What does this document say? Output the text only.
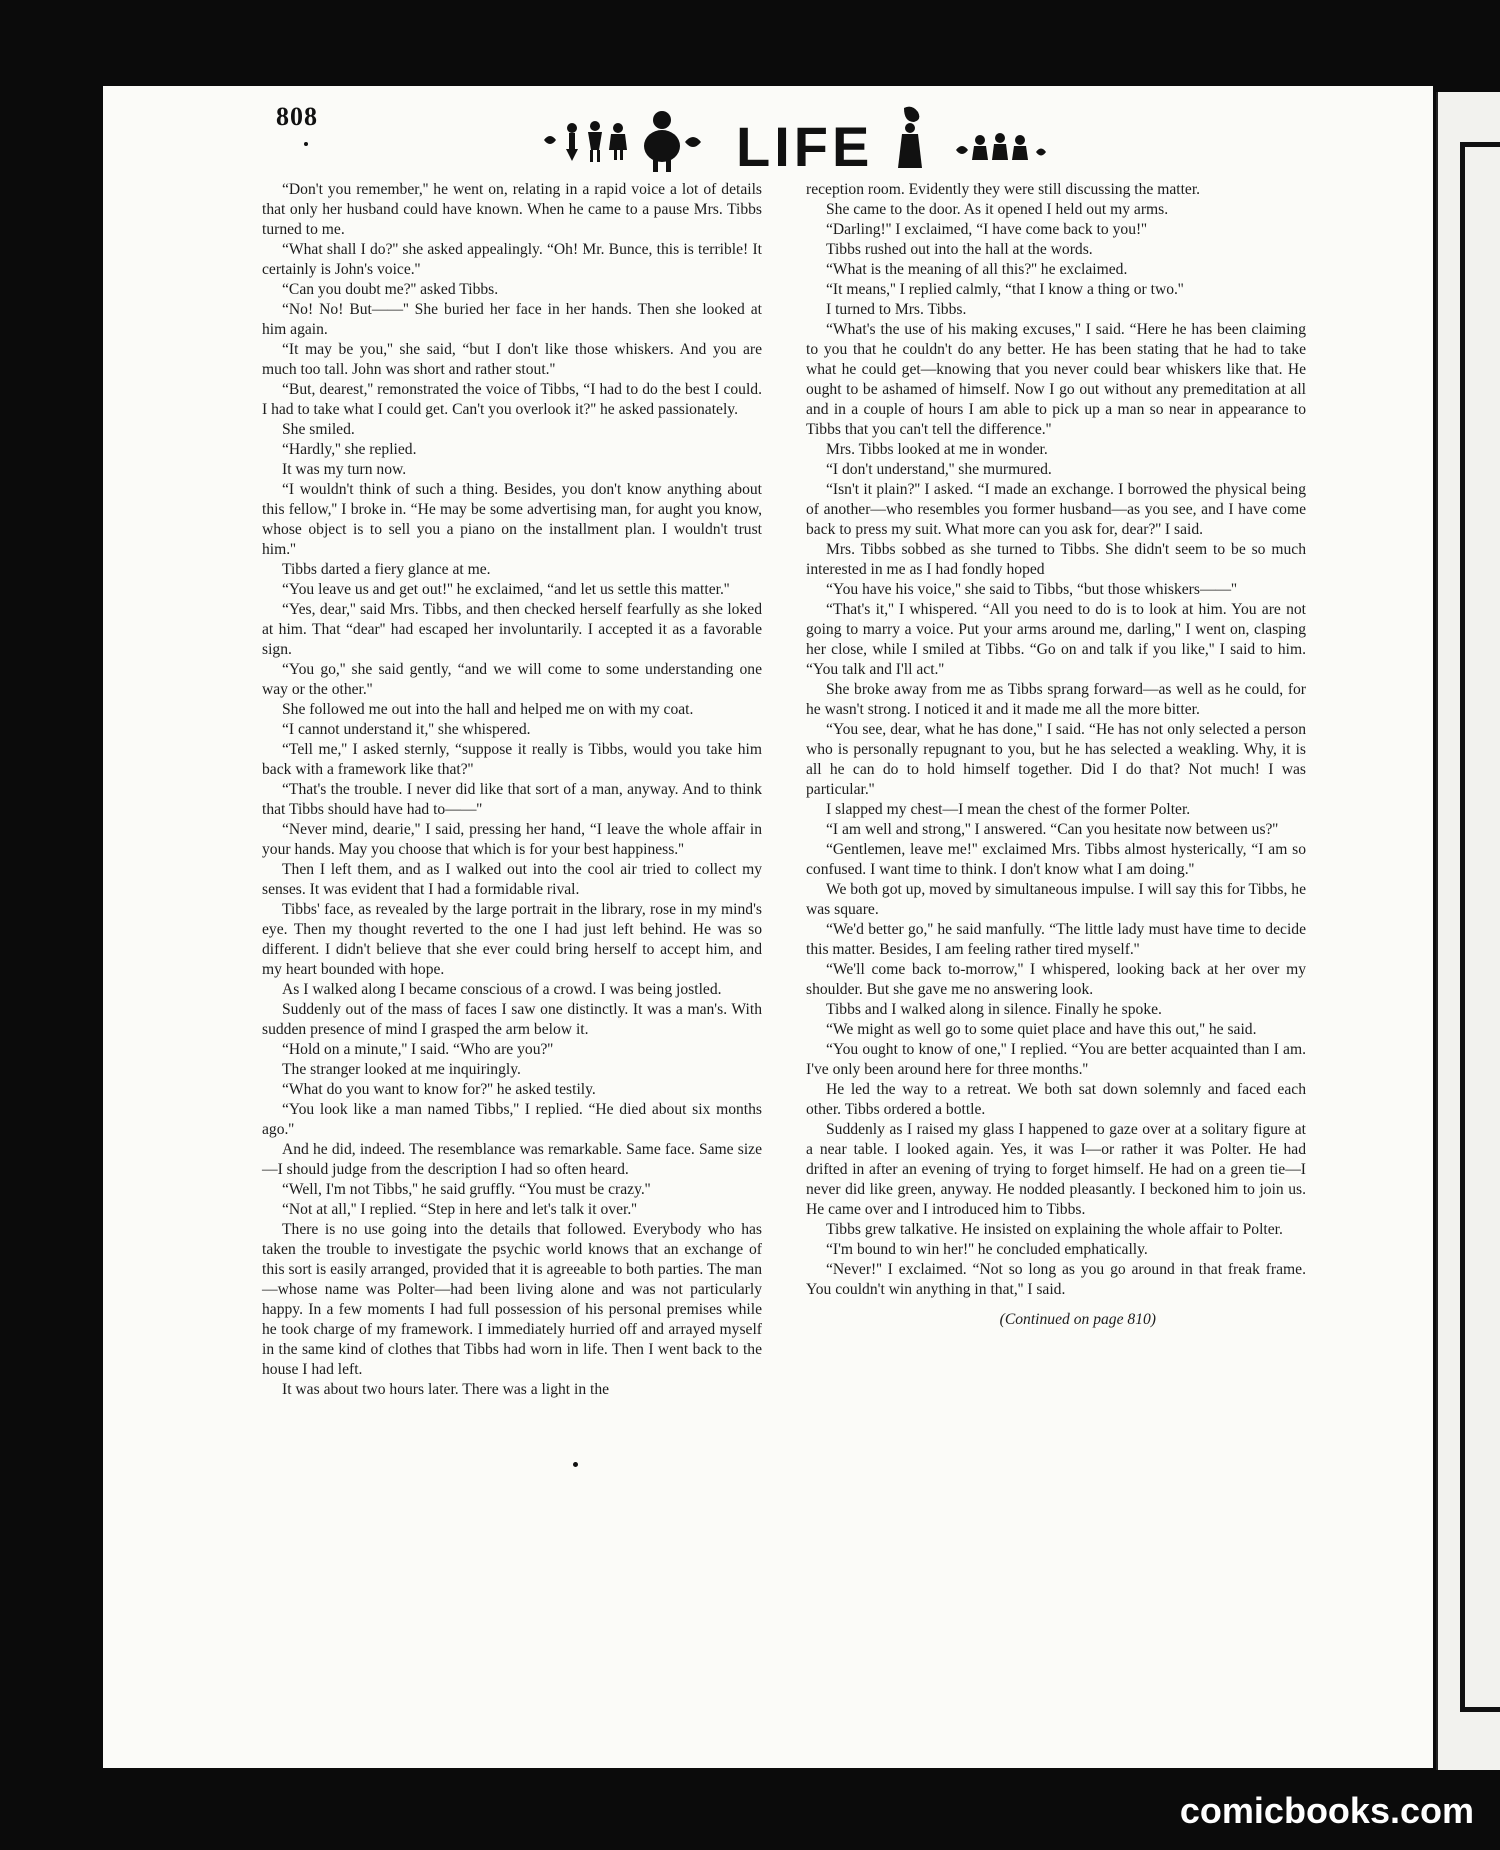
808	LIFE

“Don't you remember,'' he went on, relating in a rapid voice a lot of details that only her husband could have known. When he came to a pause Mrs. Tibbs turned to me.

“What shall I do?'' she asked appealingly. “Oh! Mr. Bunce, this is terrible! It certainly is John's voice.''

“Can you doubt me?'' asked Tibbs.

“No! No! But——'' She buried her face in her hands. Then she looked at him again.

“It may be you,'' she said, “but I don't like those whiskers. And you are much too tall. John was short and rather stout.''

“But, dearest,'' remonstrated the voice of Tibbs, “I had to do the best I could. I had to take what I could get. Can't you overlook it?'' he asked passionately.

She smiled.

“Hardly,'' she replied.

It was my turn now.

“I wouldn't think of such a thing. Besides, you don't know anything about this fellow,'' I broke in. “He may be some advertising man, for aught you know, whose object is to sell you a piano on the installment plan. I wouldn't trust him.''

Tibbs darted a fiery glance at me.

“You leave us and get out!'' he exclaimed, “and let us settle this matter.''

“Yes, dear,'' said Mrs. Tibbs, and then checked herself fearfully as she loked at him. That “dear'' had escaped her involuntarily. I accepted it as a favorable sign.

“You go,'' she said gently, “and we will come to some understanding one way or the other.''

She followed me out into the hall and helped me on with my coat.

“I cannot understand it,'' she whispered.

“Tell me,'' I asked sternly, “suppose it really is Tibbs, would you take him back with a framework like that?''

“That's the trouble. I never did like that sort of a man, anyway. And to think that Tibbs should have had to——''

“Never mind, dearie,'' I said, pressing her hand, “I leave the whole affair in your hands. May you choose that which is for your best happiness.''

Then I left them, and as I walked out into the cool air tried to collect my senses. It was evident that I had a formidable rival.

Tibbs' face, as revealed by the large portrait in the library, rose in my mind's eye. Then my thought reverted to the one I had just left behind. He was so different. I didn't believe that she ever could bring herself to accept him, and my heart bounded with hope.

As I walked along I became conscious of a crowd. I was being jostled.

Suddenly out of the mass of faces I saw one distinctly. It was a man's. With sudden presence of mind I grasped the arm below it.

“Hold on a minute,'' I said. “Who are you?''

The stranger looked at me inquiringly.

“What do you want to know for?'' he asked testily.

“You look like a man named Tibbs,'' I replied. “He died about six months ago.''

And he did, indeed. The resemblance was remarkable. Same face. Same size—I should judge from the description I had so often heard.

“Well, I'm not Tibbs,'' he said gruffly. “You must be crazy.''

“Not at all,'' I replied. “Step in here and let's talk it over.''

There is no use going into the details that followed. Everybody who has taken the trouble to investigate the psychic world knows that an exchange of this sort is easily arranged, provided that it is agreeable to both parties. The man—whose name was Polter—had been living alone and was not particularly happy. In a few moments I had full possession of his personal premises while he took charge of my framework. I immediately hurried off and arrayed myself in the same kind of clothes that Tibbs had worn in life. Then I went back to the house I had left.

It was about two hours later. There was a light in the

reception room. Evidently they were still discussing the matter.

She came to the door. As it opened I held out my arms.

“Darling!'' I exclaimed, “I have come back to you!''

Tibbs rushed out into the hall at the words.

“What is the meaning of all this?'' he exclaimed.

“It means,'' I replied calmly, “that I know a thing or two.''

I turned to Mrs. Tibbs.

“What's the use of his making excuses,'' I said. “Here he has been claiming to you that he couldn't do any better. He has been stating that he had to take what he could get—knowing that you never could bear whiskers like that. He ought to be ashamed of himself. Now I go out without any premeditation at all and in a couple of hours I am able to pick up a man so near in appearance to Tibbs that you can't tell the difference.''

Mrs. Tibbs looked at me in wonder.

“I don't understand,'' she murmured.

“Isn't it plain?'' I asked. “I made an exchange. I borrowed the physical being of another—who resembles you former husband—as you see, and I have come back to press my suit. What more can you ask for, dear?'' I said.

Mrs. Tibbs sobbed as she turned to Tibbs. She didn't seem to be so much interested in me as I had fondly hoped

“You have his voice,'' she said to Tibbs, “but those whiskers——''

“That's it,'' I whispered. “All you need to do is to look at him. You are not going to marry a voice. Put your arms around me, darling,'' I went on, clasping her close, while I smiled at Tibbs. “Go on and talk if you like,'' I said to him. “You talk and I'll act.''

She broke away from me as Tibbs sprang forward—as well as he could, for he wasn't strong. I noticed it and it made me all the more bitter.

“You see, dear, what he has done,'' I said. “He has not only selected a person who is personally repugnant to you, but he has selected a weakling. Why, it is all he can do to hold himself together. Did I do that? Not much! I was particular.''

I slapped my chest—I mean the chest of the former Polter.

“I am well and strong,'' I answered. “Can you hesitate now between us?''

“Gentlemen, leave me!'' exclaimed Mrs. Tibbs almost hysterically, “I am so confused. I want time to think. I don't know what I am doing.''

We both got up, moved by simultaneous impulse. I will say this for Tibbs, he was square.

“We'd better go,'' he said manfully. “The little lady must have time to decide this matter. Besides, I am feeling rather tired myself.''

“We'll come back to-morrow,'' I whispered, looking back at her over my shoulder. But she gave me no answering look.

Tibbs and I walked along in silence. Finally he spoke.

“We might as well go to some quiet place and have this out,'' he said.

“You ought to know of one,'' I replied. “You are better acquainted than I am. I've only been around here for three months.''

He led the way to a retreat. We both sat down solemnly and faced each other. Tibbs ordered a bottle.

Suddenly as I raised my glass I happened to gaze over at a solitary figure at a near table. I looked again. Yes, it was I—or rather it was Polter. He had drifted in after an evening of trying to forget himself. He had on a green tie—I never did like green, anyway. He nodded pleasantly. I beckoned him to join us. He came over and I introduced him to Tibbs.

Tibbs grew talkative. He insisted on explaining the whole affair to Polter.

“I'm bound to win her!'' he concluded emphatically.

“Never!'' I exclaimed. “Not so long as you go around in that freak frame. You couldn't win anything in that,'' I said.

(Continued on page 810)
comicbooks.com
